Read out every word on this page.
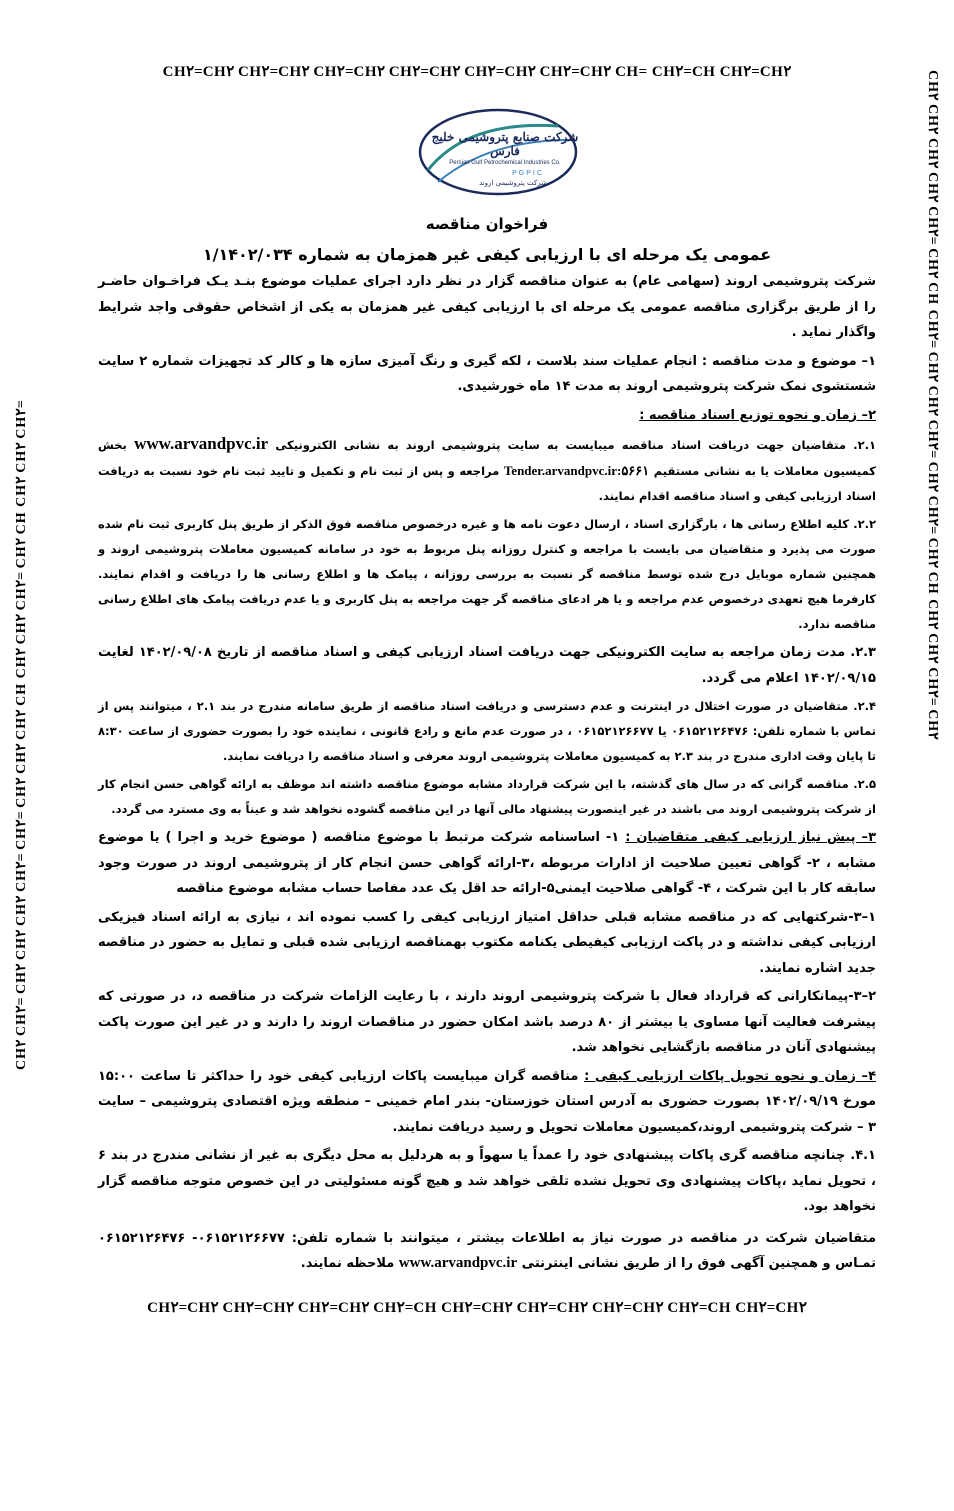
CH۲=CH۲ CH۲=CH۲ CH۲=CH۲ CH۲=CH۲ CH۲=CH۲ CH۲=CH۲ CH= CH۲=CH CH۲=CH۲
CH۲ CH۲= CH۲ CH۲ CH۲ CH۲= CH۲= CH۲ CH۲ CH۲ CH CH۲ CH۲ CH۲= CH۲ CH CH۲ CH۲ CH۲=	CH۲ CH۲ CH۲ CH۲ CH۲= CH۲ CH CH۲= CH۲ CH۲ CH۲= CH۲ CH۲= CH۲ CH CH۲ CH۲ CH۲= CH۲
شرکت صنایع پتروشیمی خلیج فارس
Persian Gulf Petrochemical Industries Co.
PGPIC
شرکت پتروشیمی اروند
فراخوان مناقصه
عمومی یک مرحله ای با ارزیابی کیفی غیر همزمان به شماره ۱/۱۴۰۲/۰۳۴

شرکت پتروشیمی اروند (سهامی عام) به عنوان مناقصه گزار در نظر دارد اجرای عملیات موضوع بنـد یـک فراخـوان حاضـر را از طریق برگزاری مناقصه عمومی یک مرحله ای با ارزیابی کیفی غیر همزمان به یکی از اشخاص حقوقی واجد شرایط واگذار نماید .

۱– موضوع و مدت مناقصه : انجام عملیات سند بلاست ، لکه گیری و رنگ آمیزی سازه ها و کالر کد تجهیزات شماره ۲ سایت شستشوی نمک شرکت پتروشیمی اروند به مدت ۱۴ ماه خورشیدی.

۲– زمان و نحوه توزیع اسناد مناقصه :

۲.۱. متقاضیان جهت دریافت اسناد مناقصه میبایست به سایت پتروشیمی اروند به نشانی الکترونیکی www.arvandpvc.ir بخش کمیسیون معاملات یا به نشانی مستقیم Tender.arvandpvc.ir:۵۶۶۱ مراجعه و پس از ثبت نام و تکمیل و تایید ثبت نام خود نسبت به دریافت اسناد ارزیابی کیفی و اسناد مناقصه اقدام نمایند.

۲.۲. کلیه اطلاع رسانی ها ، بارگزاری اسناد ، ارسال دعوت نامه ها و غیره درخصوص مناقصه فوق الذکر از طریق پنل کاربری ثبت نام شده صورت می پذیرد و متقاضیان می بایست با مراجعه و کنترل روزانه پنل مربوط به خود در سامانه کمیسیون معاملات پتروشیمی اروند و همچنین شماره موبایل درج شده توسط مناقصه گر نسبت به بررسی روزانه ، پیامک ها و اطلاع رسانی ها را دریافت و اقدام نمایند. کارفرما هیچ تعهدی درخصوص عدم مراجعه و یا هر ادعای مناقصه گر جهت مراجعه به پنل کاربری و یا عدم دریافت پیامک های اطلاع رسانی مناقصه ندارد.

۲.۳. مدت زمان مراجعه به سایت الکترونیکی جهت دریافت اسناد ارزیابی کیفی و اسناد مناقصه از تاریخ ۱۴۰۲/۰۹/۰۸ لغایت ۱۴۰۲/۰۹/۱۵ اعلام می گردد.

۲.۴. متقاضیان در صورت اختلال در اینترنت و عدم دسترسی و دریافت اسناد مناقصه از طریق سامانه مندرج در بند ۲.۱ ، میتوانند پس از تماس با شماره تلفن: ۰۶۱۵۲۱۲۶۴۷۶ یا ۰۶۱۵۲۱۲۶۶۷۷ ، در صورت عدم مانع و رادع قانونی ، نماینده خود را بصورت حضوری از ساعت ۸:۳۰ تا پایان وقت اداری مندرج در بند ۲.۳ به کمیسیون معاملات پتروشیمی اروند معرفی و اسناد مناقصه را دریافت نمایند.

۲.۵. مناقصه گرانی که در سال های گذشته، با این شرکت قرارداد مشابه موضوع مناقصه داشته اند موظف به ارائه گواهی حسن انجام کار از شرکت پتروشیمی اروند می باشند در غیر اینصورت پیشنهاد مالی آنها در این مناقصه گشوده نخواهد شد و عیناً به وی مسترد می گردد.

۳– پیش نیاز ارزیابی کیفی متقاضیان : ۱- اساسنامه شرکت مرتبط با موضوع مناقصه ( موضوع خرید و اجرا ) یا موضوع مشابه ، ۲- گواهی تعیین صلاحیت از ادارات مربوطه ،۳-ارائه گواهی حسن انجام کار از پتروشیمی اروند در صورت وجود سابقه کار با این شرکت ، ۴- گواهی صلاحیت ایمنی۵-ارائه حد اقل یک عدد مفاصا حساب مشابه موضوع مناقصه

۱–۳-شرکتهایی که در مناقصه مشابه قبلی حداقل امتیاز ارزیابی کیفی را کسب نموده اند ، نیازی به ارائه اسناد فیزیکی ارزیابی کیفی نداشته و در پاکت ارزیابی کیفیطی یکنامه مکتوب بهمناقصه ارزیابی شده قبلی و تمایل به حضور در مناقصه جدید اشاره نمایند.

۲–۳-پیمانکارانی که قرارداد فعال با شرکت پتروشیمی اروند دارند ، با رعایت الزامات شرکت در مناقصه د، در صورتی که پیشرفت فعالیت آنها مساوی یا بیشتر از ۸۰ درصد باشد امکان حضور در مناقصات اروند را دارند و در غیر این صورت پاکت پیشنهادی آنان در مناقصه بازگشایی نخواهد شد.

۴– زمان و نحوه تحویل پاکات ارزیابی کیفی : مناقصه گران میبایست پاکات ارزیابی کیفی خود را حداکثر تا ساعت ۱۵:۰۰ مورخ ۱۴۰۲/۰۹/۱۹ بصورت حضوری به آدرس استان خوزستان- بندر امام خمینی – منطقه ویژه اقتصادی پتروشیمی – سایت ۳ – شرکت پتروشیمی اروند،کمیسیون معاملات تحویل و رسید دریافت نمایند.

۴.۱. چنانچه مناقصه گری پاکات پیشنهادی خود را عمداً یا سهواً و به هردلیل به محل دیگری به غیر از نشانی مندرج در بند ۶ ، تحویل نماید ،پاکات پیشنهادی وی تحویل نشده تلقی خواهد شد و هیچ گونه مسئولیتی در این خصوص متوجه مناقصه گزار نخواهد بود.

متقاضیان شرکت در مناقصه در صورت نیاز به اطلاعات بیشتر ، میتوانند با شماره تلفن: ۰۶۱۵۲۱۲۶۶۷۷- ۰۶۱۵۲۱۲۶۴۷۶ تمـاس و همچنین آگهی فوق را از طریق نشانی اینترنتی www.arvandpvc.ir ملاحظه نمایند.

CH۲=CH۲ CH۲=CH۲ CH۲=CH۲ CH۲=CH CH۲=CH۲ CH۲=CH۲ CH۲=CH۲ CH۲=CH CH۲=CH۲
